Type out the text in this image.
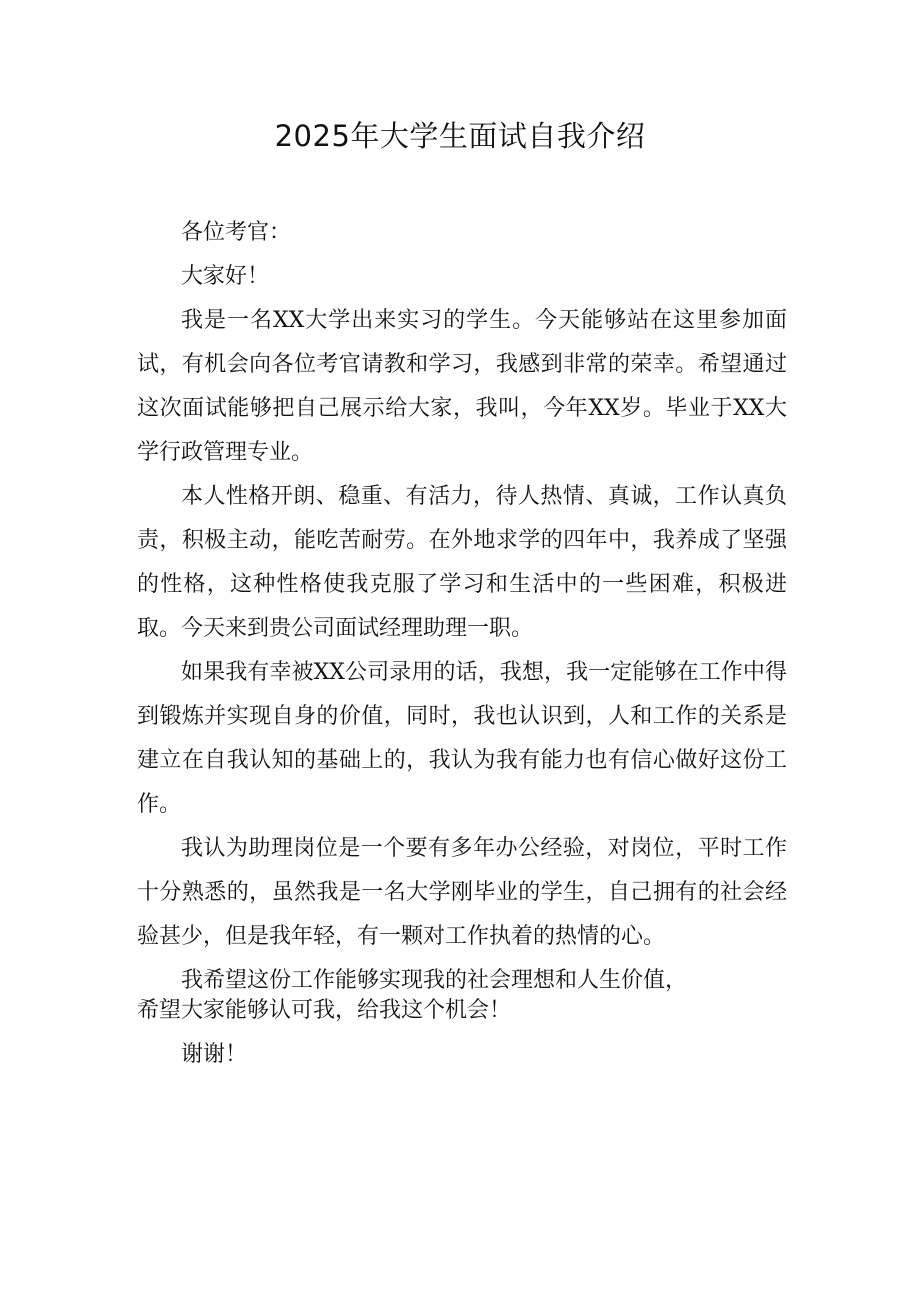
2025年大学生面试自我介绍

各位考官：

大家好！

我是一名XX大学出来实习的学生。今天能够站在这里参加面试，有机会向各位考官请教和学习，我感到非常的荣幸。希望通过这次面试能够把自己展示给大家，我叫，今年XX岁。毕业于XX大学行政管理专业。

本人性格开朗、稳重、有活力，待人热情、真诚，工作认真负责，积极主动，能吃苦耐劳。在外地求学的四年中，我养成了坚强的性格，这种性格使我克服了学习和生活中的一些困难，积极进取。今天来到贵公司面试经理助理一职。

如果我有幸被XX公司录用的话，我想，我一定能够在工作中得到锻炼并实现自身的价值，同时，我也认识到，人和工作的关系是建立在自我认知的基础上的，我认为我有能力也有信心做好这份工作。

我认为助理岗位是一个要有多年办公经验，对岗位，平时工作十分熟悉的，虽然我是一名大学刚毕业的学生，自己拥有的社会经验甚少，但是我年轻，有一颗对工作执着的热情的心。

我希望这份工作能够实现我的社会理想和人生价值，

希望大家能够认可我，给我这个机会！

谢谢！
